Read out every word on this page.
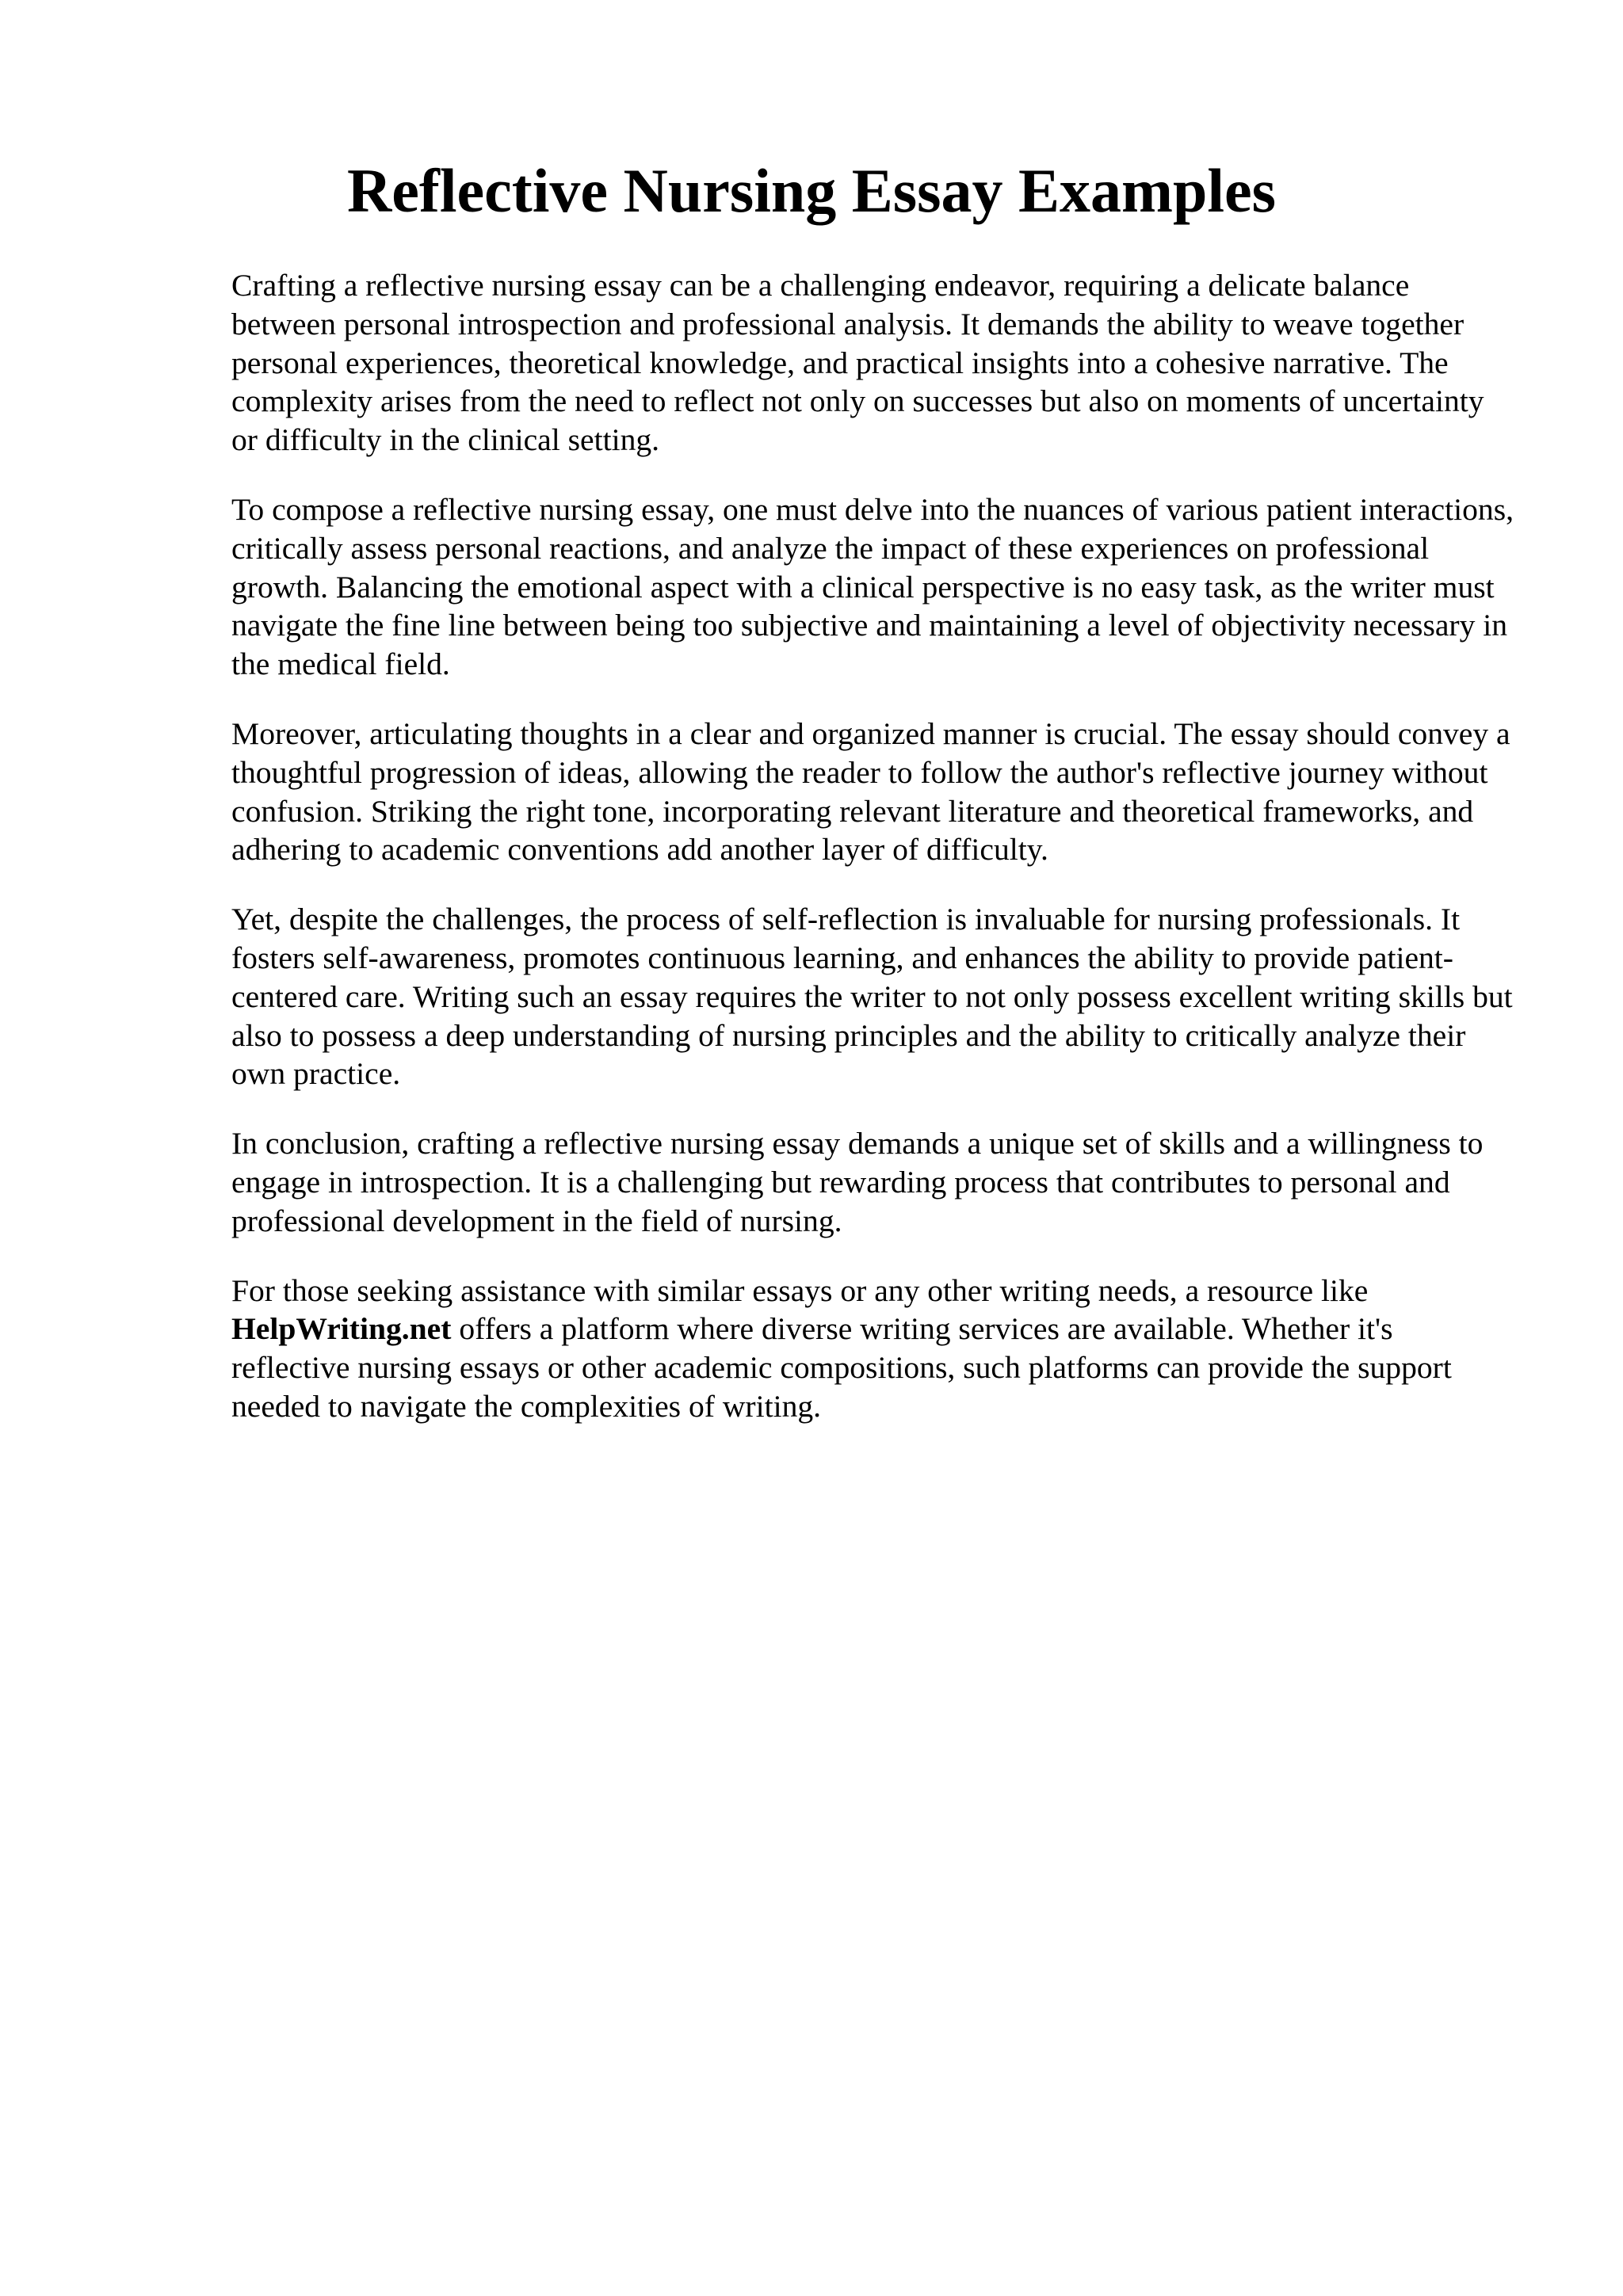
Reflective Nursing Essay Examples

Crafting a reflective nursing essay can be a challenging endeavor, requiring a delicate balance between personal introspection and professional analysis. It demands the ability to weave together personal experiences, theoretical knowledge, and practical insights into a cohesive narrative. The complexity arises from the need to reflect not only on successes but also on moments of uncertainty or difficulty in the clinical setting.

To compose a reflective nursing essay, one must delve into the nuances of various patient interactions, critically assess personal reactions, and analyze the impact of these experiences on professional growth. Balancing the emotional aspect with a clinical perspective is no easy task, as the writer must navigate the fine line between being too subjective and maintaining a level of objectivity necessary in the medical field.

Moreover, articulating thoughts in a clear and organized manner is crucial. The essay should convey a thoughtful progression of ideas, allowing the reader to follow the author's reflective journey without confusion. Striking the right tone, incorporating relevant literature and theoretical frameworks, and adhering to academic conventions add another layer of difficulty.

Yet, despite the challenges, the process of self-reflection is invaluable for nursing professionals. It fosters self-awareness, promotes continuous learning, and enhances the ability to provide patient-centered care. Writing such an essay requires the writer to not only possess excellent writing skills but also to possess a deep understanding of nursing principles and the ability to critically analyze their own practice.

In conclusion, crafting a reflective nursing essay demands a unique set of skills and a willingness to engage in introspection. It is a challenging but rewarding process that contributes to personal and professional development in the field of nursing.

For those seeking assistance with similar essays or any other writing needs, a resource like HelpWriting.net offers a platform where diverse writing services are available. Whether it's reflective nursing essays or other academic compositions, such platforms can provide the support needed to navigate the complexities of writing.
